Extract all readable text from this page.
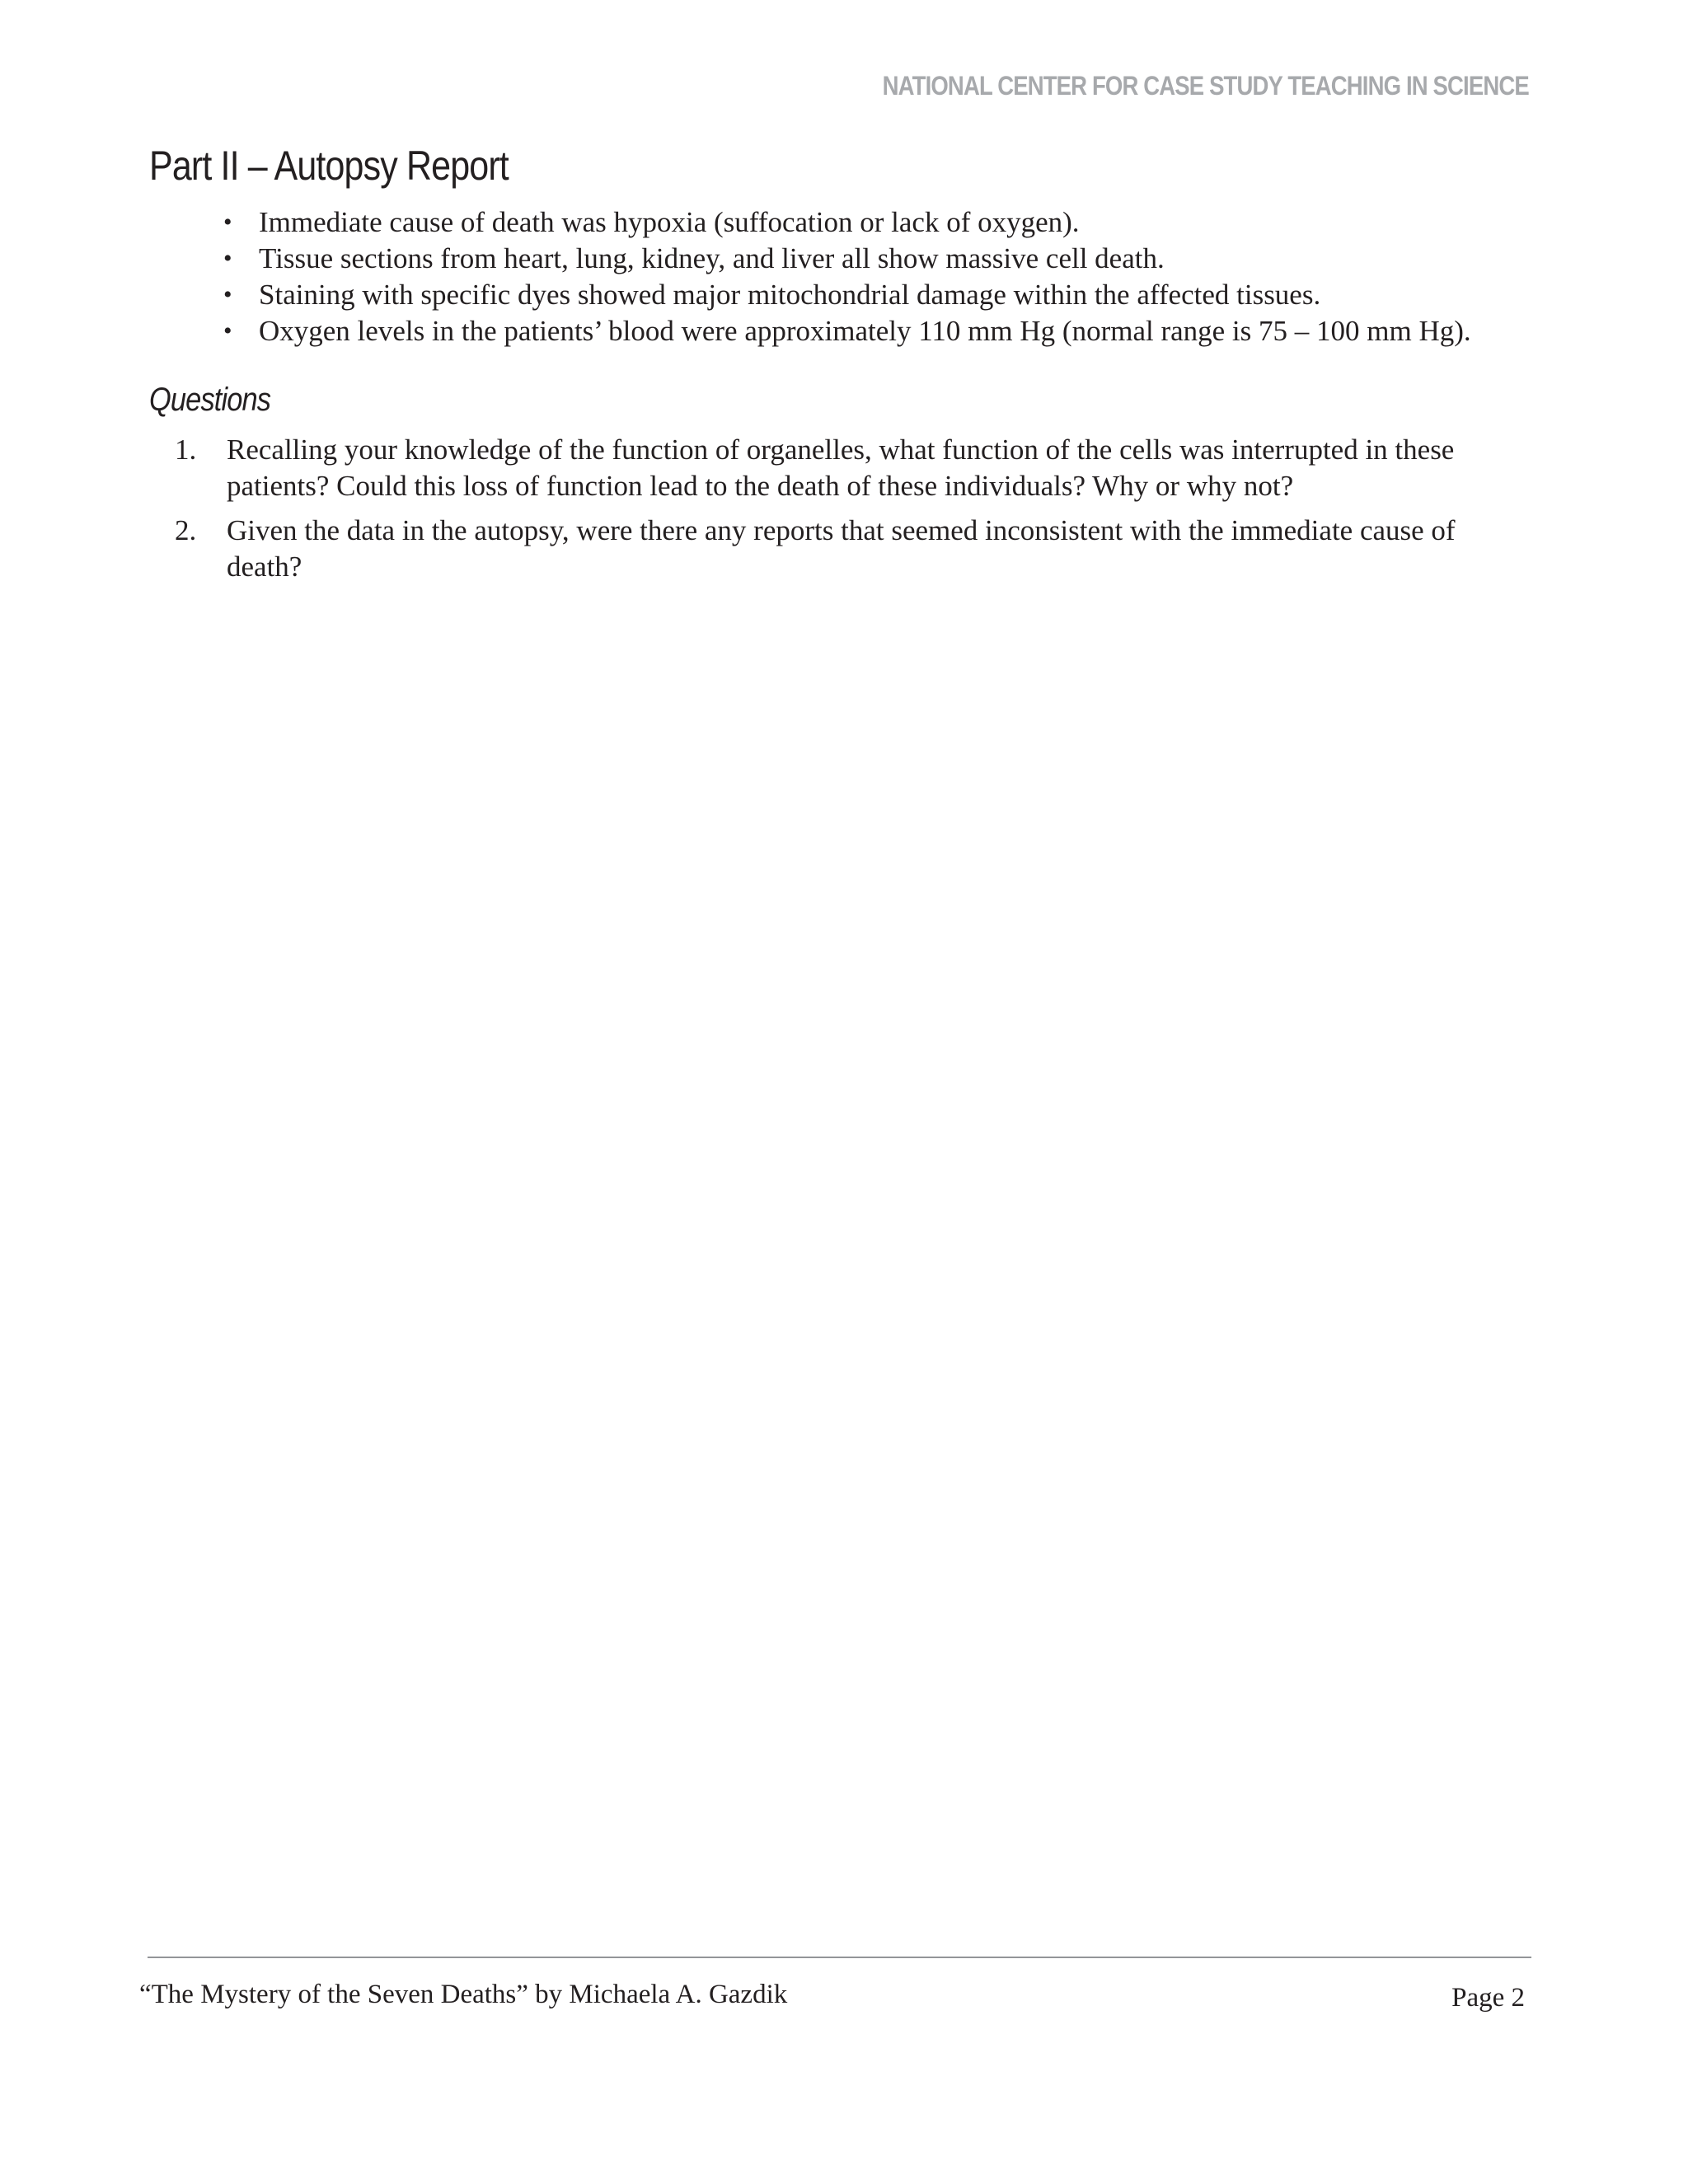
NATIONAL CENTER FOR CASE STUDY TEACHING IN SCIENCE
Part II – Autopsy Report
• Immediate cause of death was hypoxia (suffocation or lack of oxygen).
• Tissue sections from heart, lung, kidney, and liver all show massive cell death.
• Staining with specific dyes showed major mitochondrial damage within the affected tissues.
• Oxygen levels in the patients’ blood were approximately 110 mm Hg (normal range is 75 – 100 mm Hg).
Questions
1. Recalling your knowledge of the function of organelles, what function of the cells was interrupted in these patients? Could this loss of function lead to the death of these individuals? Why or why not?
2. Given the data in the autopsy, were there any reports that seemed inconsistent with the immediate cause of death?
“The Mystery of the Seven Deaths” by Michaela A. Gazdik	Page 2
